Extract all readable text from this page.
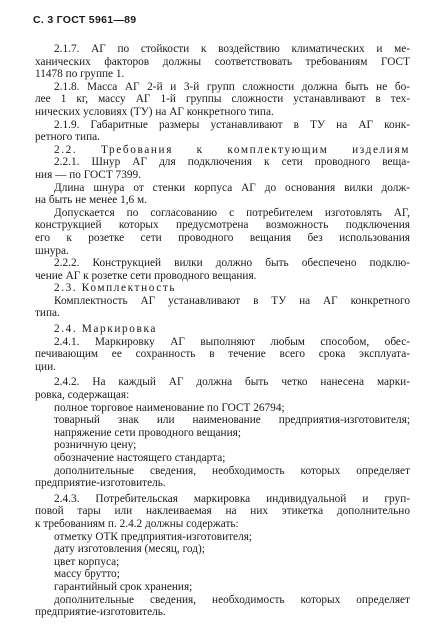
С. 3 ГОСТ 5961—89
2.1.7. АГ по стойкости к воздействию климатических и ме-
ханических факторов должны соответствовать требованиям ГОСТ
11478 по группе 1.
2.1.8. Масса АГ 2-й и 3-й групп сложности должна быть не бо-
лее 1 кг, массу АГ 1-й группы сложности устанавливают в тех-
нических условиях (ТУ) на АГ конкретного типа.
2.1.9. Габаритные размеры устанавливают в ТУ на АГ конк-
ретного типа.
2.2. Требования к комплектующим изделиям
2.2.1. Шнур АГ для подключения к сети проводного веща-
ния — по ГОСТ 7399.
Длина шнура от стенки корпуса АГ до основания вилки долж-
на быть не менее 1,6 м.
Допускается по согласованию с потребителем изготовлять АГ,
конструкцией которых предусмотрена возможность подключения
его к розетке сети проводного вещания без использования
шнура.
2.2.2. Конструкцией вилки должно быть обеспечено подклю-
чение АГ к розетке сети проводного вещания.
2.3. Комплектность
Комплектность АГ устанавливают в ТУ на АГ конкретного
типа.
2.4. Маркировка
2.4.1. Маркировку АГ выполняют любым способом, обес-
печивающим ее сохранность в течение всего срока эксплуата-
ции.
2.4.2. На каждый АГ должна быть четко нанесена марки-
ровка, содержащая:
полное торговое наименование по ГОСТ 26794;
товарный знак или наименование предприятия-изготовителя;
напряжение сети проводного вещания;
розничную цену;
обозначение настоящего стандарта;
дополнительные сведения, необходимость которых определяет
предприятие-изготовитель.
2.4.3. Потребительская маркировка индивидуальной и груп-
повой тары или наклеиваемая на них этикетка дополнительно
к требованиям п. 2.4.2 должны содержать:
отметку ОТК предприятия-изготовителя;
дату изготовления (месяц, год);
цвет корпуса;
массу брутто;
гарантийный срок хранения;
дополнительные сведения, необходимость которых определяет
предприятие-изготовитель.
